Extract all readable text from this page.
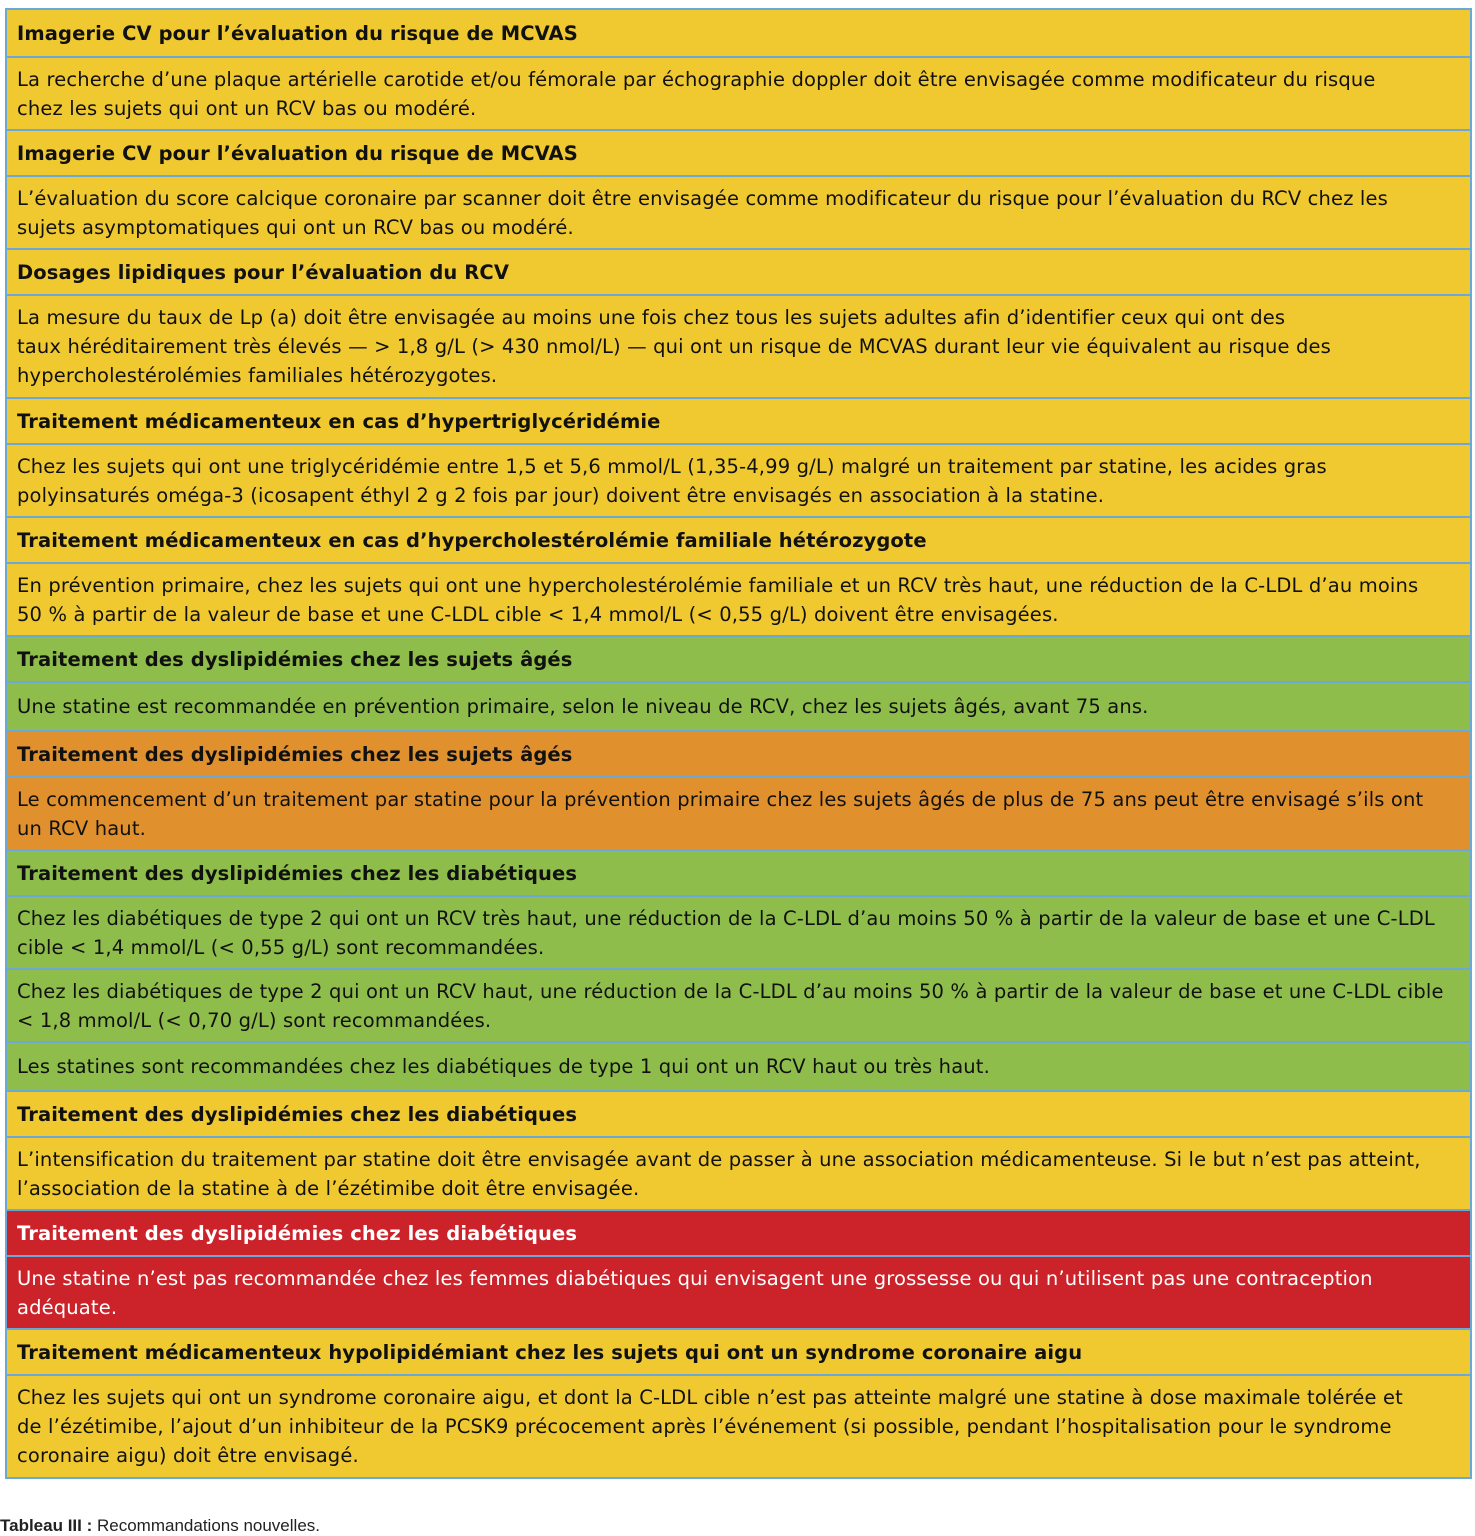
Imagerie CV pour l’évaluation du risque de MCVAS
La recherche d’une plaque artérielle carotide et/ou fémorale par échographie doppler doit être envisagée comme modificateur du risque
chez les sujets qui ont un RCV bas ou modéré.
Imagerie CV pour l’évaluation du risque de MCVAS
L’évaluation du score calcique coronaire par scanner doit être envisagée comme modificateur du risque pour l’évaluation du RCV chez les
sujets asymptomatiques qui ont un RCV bas ou modéré.
Dosages lipidiques pour l’évaluation du RCV
La mesure du taux de Lp (a) doit être envisagée au moins une fois chez tous les sujets adultes afin d’identifier ceux qui ont des
taux héréditairement très élevés — > 1,8 g/L (> 430 nmol/L) — qui ont un risque de MCVAS durant leur vie équivalent au risque des
hypercholestérolémies familiales hétérozygotes.
Traitement médicamenteux en cas d’hypertriglycéridémie
Chez les sujets qui ont une triglycéridémie entre 1,5 et 5,6 mmol/L (1,35-4,99 g/L) malgré un traitement par statine, les acides gras
polyinsaturés oméga-3 (icosapent éthyl 2 g 2 fois par jour) doivent être envisagés en association à la statine.
Traitement médicamenteux en cas d’hypercholestérolémie familiale hétérozygote
En prévention primaire, chez les sujets qui ont une hypercholestérolémie familiale et un RCV très haut, une réduction de la C-LDL d’au moins
50 % à partir de la valeur de base et une C-LDL cible < 1,4 mmol/L (< 0,55 g/L) doivent être envisagées.
Traitement des dyslipidémies chez les sujets âgés
Une statine est recommandée en prévention primaire, selon le niveau de RCV, chez les sujets âgés, avant 75 ans.
Traitement des dyslipidémies chez les sujets âgés
Le commencement d’un traitement par statine pour la prévention primaire chez les sujets âgés de plus de 75 ans peut être envisagé s’ils ont
un RCV haut.
Traitement des dyslipidémies chez les diabétiques
Chez les diabétiques de type 2 qui ont un RCV très haut, une réduction de la C-LDL d’au moins 50 % à partir de la valeur de base et une C-LDL
cible < 1,4 mmol/L (< 0,55 g/L) sont recommandées.
Chez les diabétiques de type 2 qui ont un RCV haut, une réduction de la C-LDL d’au moins 50 % à partir de la valeur de base et une C-LDL cible
< 1,8 mmol/L (< 0,70 g/L) sont recommandées.
Les statines sont recommandées chez les diabétiques de type 1 qui ont un RCV haut ou très haut.
Traitement des dyslipidémies chez les diabétiques
L’intensification du traitement par statine doit être envisagée avant de passer à une association médicamenteuse. Si le but n’est pas atteint,
l’association de la statine à de l’ézétimibe doit être envisagée.
Traitement des dyslipidémies chez les diabétiques
Une statine n’est pas recommandée chez les femmes diabétiques qui envisagent une grossesse ou qui n’utilisent pas une contraception
adéquate.
Traitement médicamenteux hypolipidémiant chez les sujets qui ont un syndrome coronaire aigu
Chez les sujets qui ont un syndrome coronaire aigu, et dont la C-LDL cible n’est pas atteinte malgré une statine à dose maximale tolérée et
de l’ézétimibe, l’ajout d’un inhibiteur de la PCSK9 précocement après l’événement (si possible, pendant l’hospitalisation pour le syndrome
coronaire aigu) doit être envisagé.
Tableau III : Recommandations nouvelles.
